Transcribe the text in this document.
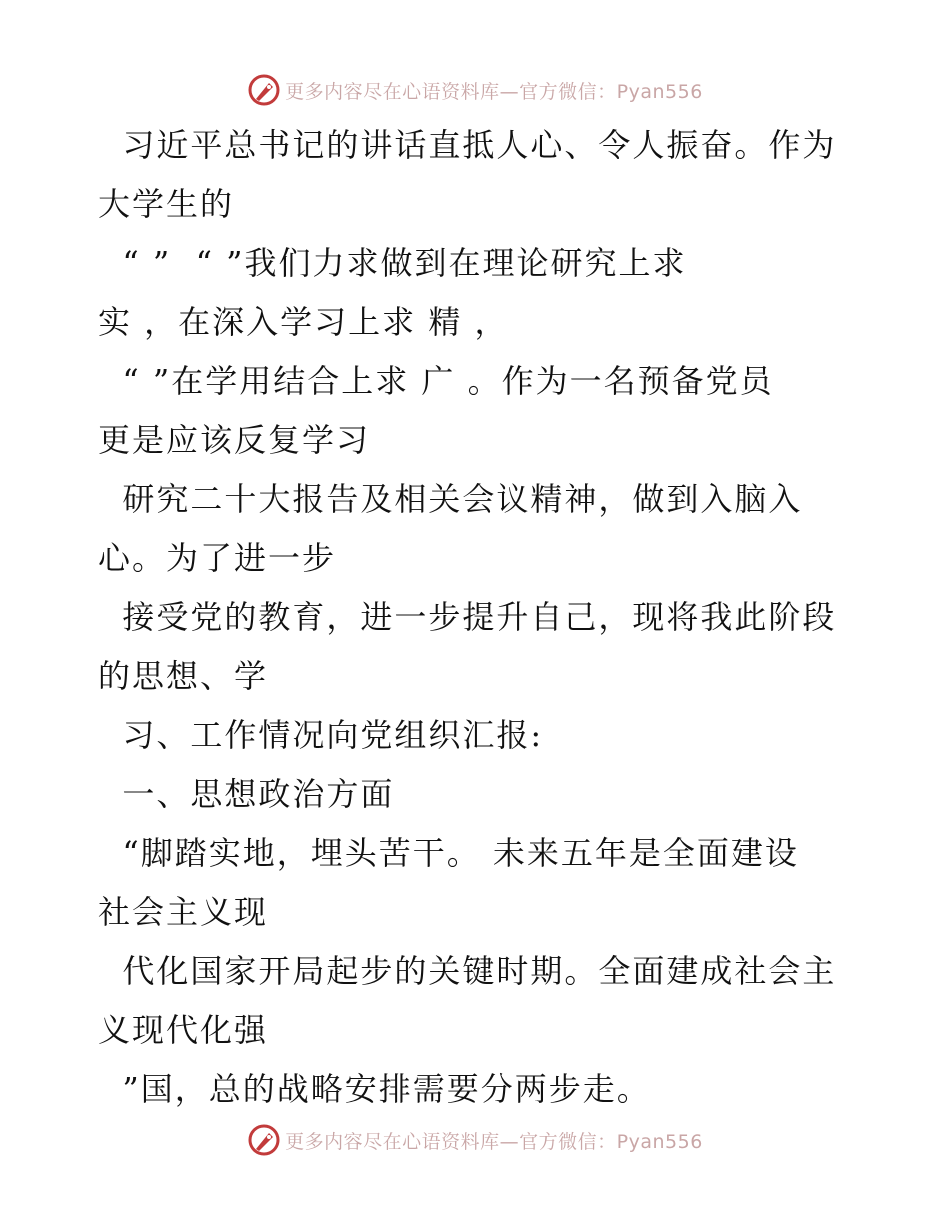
更多内容尽在心语资料库—官方微信：Pyan556
习近平总书记的讲话直抵人心、令人振奋。作为
大学生的
“ ”  “ ”我们力求做到在理论研究上求
实 ，在深入学习上求 精 ，
“ ”在学用结合上求 广 。作为一名预备党员
更是应该反复学习
研究二十大报告及相关会议精神，做到入脑入
心。为了进一步
接受党的教育，进一步提升自己，现将我此阶段
的思想、学
习、工作情况向党组织汇报:
一、思想政治方面
“脚踏实地，埋头苦干。 未来五年是全面建设
社会主义现
代化国家开局起步的关键时期。全面建成社会主
义现代化强
”国，总的战略安排需要分两步走。
更多内容尽在心语资料库—官方微信：Pyan556
